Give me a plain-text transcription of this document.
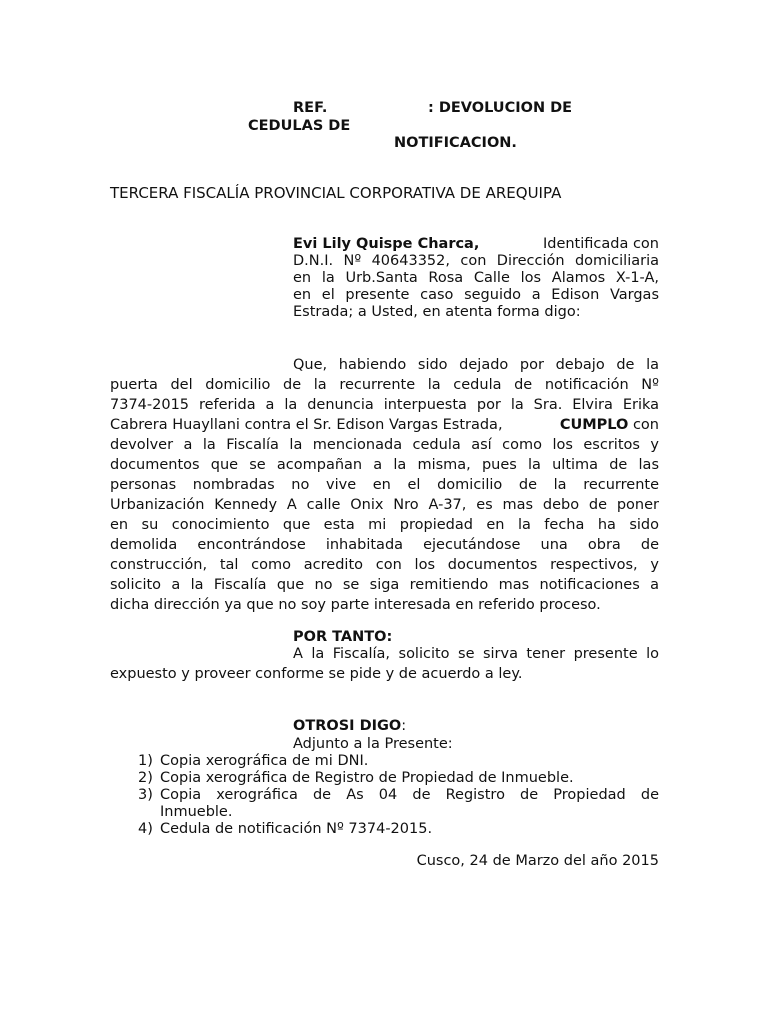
REF.	: DEVOLUCION DE
CEDULAS DE
NOTIFICACION.
TERCERA FISCALÍA PROVINCIAL CORPORATIVA DE AREQUIPA
Evi Lily Quispe Charca,	Identificada con
D.N.I. Nº 40643352, con Dirección domiciliaria
en la Urb.Santa Rosa Calle los Alamos X-1-A,
en el presente caso seguido a Edison Vargas
Estrada; a Usted, en atenta forma digo:
Que, habiendo sido dejado por debajo de la
puerta del domicilio de la recurrente la cedula de notificación Nº
7374-2015 referida a la denuncia interpuesta por la Sra. Elvira Erika
Cabrera Huayllani contra el Sr. Edison Vargas Estrada,	CUMPLO con
devolver a la Fiscalía la mencionada cedula así como los escritos y
documentos que se acompañan a la misma, pues la ultima de las
personas nombradas no vive en el domicilio de la recurrente
Urbanización Kennedy A calle Onix Nro A-37, es mas debo de poner
en su conocimiento que esta mi propiedad en la fecha ha sido
demolida encontrándose inhabitada ejecutándose una obra de
construcción, tal como acredito con los documentos respectivos, y
solicito a la Fiscalía que no se siga remitiendo mas notificaciones a
dicha dirección ya que no soy parte interesada en referido proceso.
POR TANTO:
A la Fiscalía, solicito se sirva tener presente lo
expuesto y proveer conforme se pide y de acuerdo a ley.
OTROSI DIGO:
Adjunto a la Presente:
1) Copia xerográfica de mi DNI.
2) Copia xerográfica de Registro de Propiedad de Inmueble.
3) Copia xerográfica de As 04 de Registro de Propiedad de
Inmueble.
4) Cedula de notificación Nº 7374-2015.
Cusco, 24 de Marzo del año 2015
